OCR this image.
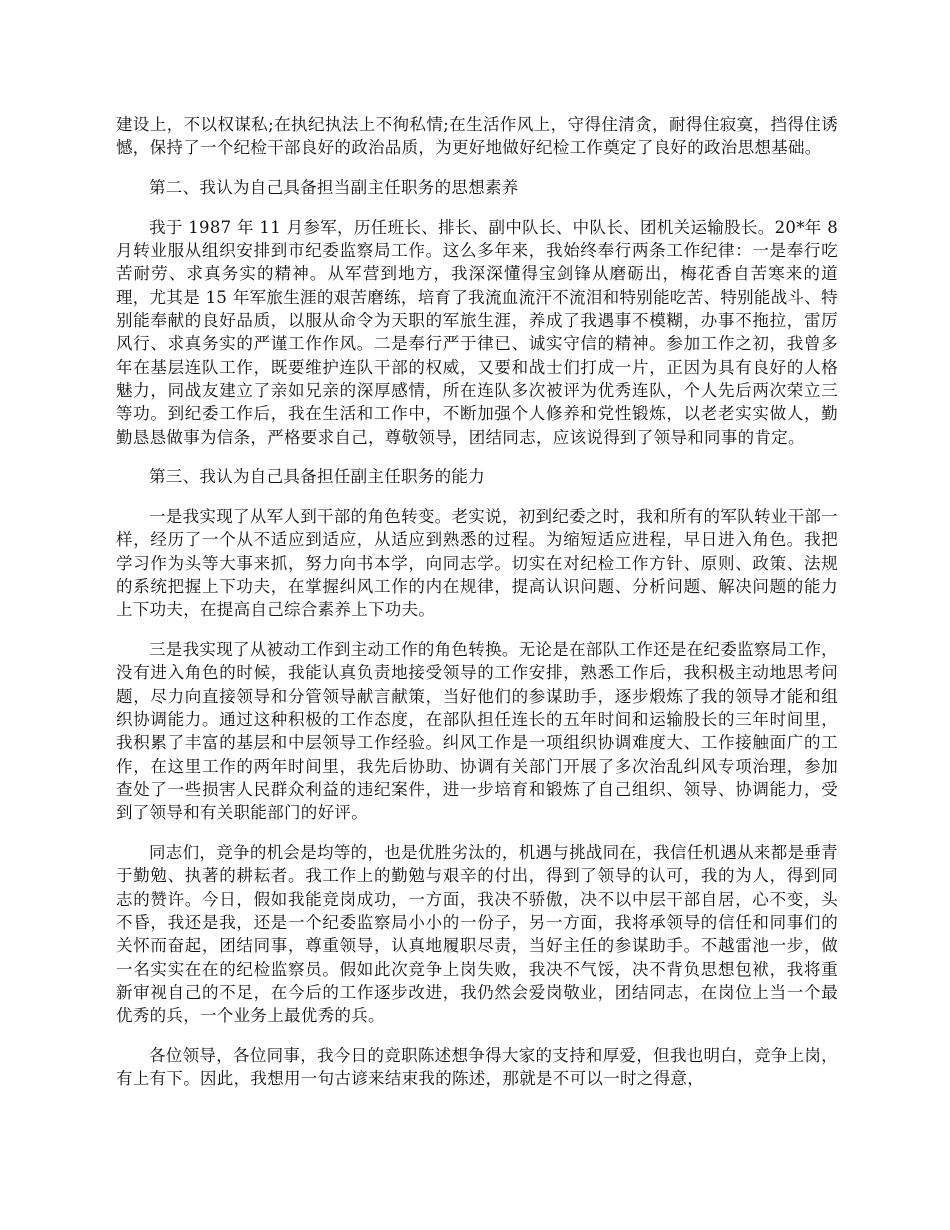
建设上，不以权谋私;在执纪执法上不徇私情;在生活作风上，守得住清贪，耐得住寂寞，挡得住诱憾，保持了一个纪检干部良好的政治品质，为更好地做好纪检工作奠定了良好的政治思想基础。

第二、我认为自己具备担当副主任职务的思想素养

我于 1987 年 11 月参军，历任班长、排长、副中队长、中队长、团机关运输股长。20*年 8 月转业服从组织安排到市纪委监察局工作。这么多年来，我始终奉行两条工作纪律：一是奉行吃苦耐劳、求真务实的精神。从军营到地方，我深深懂得宝剑锋从磨砺出，梅花香自苦寒来的道理，尤其是 15 年军旅生涯的艰苦磨练，培育了我流血流汗不流泪和特别能吃苦、特别能战斗、特别能奉献的良好品质，以服从命令为天职的军旅生涯，养成了我遇事不模糊，办事不拖拉，雷厉风行、求真务实的严谨工作作风。二是奉行严于律已、诚实守信的精神。参加工作之初，我曾多年在基层连队工作，既要维护连队干部的权威，又要和战士们打成一片，正因为具有良好的人格魅力，同战友建立了亲如兄亲的深厚感情，所在连队多次被评为优秀连队，个人先后两次荣立三等功。到纪委工作后，我在生活和工作中，不断加强个人修养和党性锻炼，以老老实实做人，勤勤恳恳做事为信条，严格要求自己，尊敬领导，团结同志，应该说得到了领导和同事的肯定。

第三、我认为自己具备担任副主任职务的能力

一是我实现了从军人到干部的角色转变。老实说，初到纪委之时，我和所有的军队转业干部一样，经历了一个从不适应到适应，从适应到熟悉的过程。为缩短适应进程，早日进入角色。我把学习作为头等大事来抓，努力向书本学，向同志学。切实在对纪检工作方针、原则、政策、法规的系统把握上下功夫，在掌握纠风工作的内在规律，提高认识问题、分析问题、解决问题的能力上下功夫，在提高自己综合素养上下功夫。

三是我实现了从被动工作到主动工作的角色转换。无论是在部队工作还是在纪委监察局工作，没有进入角色的时候，我能认真负责地接受领导的工作安排，熟悉工作后，我积极主动地思考问题，尽力向直接领导和分管领导献言献策，当好他们的参谋助手，逐步煅炼了我的领导才能和组织协调能力。通过这种积极的工作态度，在部队担任连长的五年时间和运输股长的三年时间里，我积累了丰富的基层和中层领导工作经验。纠风工作是一项组织协调难度大、工作接触面广的工作，在这里工作的两年时间里，我先后协助、协调有关部门开展了多次治乱纠风专项治理，参加查处了一些损害人民群众利益的违纪案件，进一步培育和锻炼了自己组织、领导、协调能力，受到了领导和有关职能部门的好评。

同志们，竞争的机会是均等的，也是优胜劣汰的，机遇与挑战同在，我信任机遇从来都是垂青于勤勉、执著的耕耘者。我工作上的勤勉与艰辛的付出，得到了领导的认可，我的为人，得到同志的赞许。今日，假如我能竞岗成功，一方面，我决不骄傲，决不以中层干部自居，心不变，头不昏，我还是我，还是一个纪委监察局小小的一份子，另一方面，我将承领导的信任和同事们的关怀而奋起，团结同事，尊重领导，认真地履职尽责，当好主任的参谋助手。不越雷池一步，做一名实实在在的纪检监察员。假如此次竞争上岗失败，我决不气馁，决不背负思想包袱，我将重新审视自己的不足，在今后的工作逐步改进，我仍然会爱岗敬业，团结同志，在岗位上当一个最优秀的兵，一个业务上最优秀的兵。

各位领导，各位同事，我今日的竞职陈述想争得大家的支持和厚爱，但我也明白，竞争上岗，有上有下。因此，我想用一句古谚来结束我的陈述，那就是不可以一时之得意，
